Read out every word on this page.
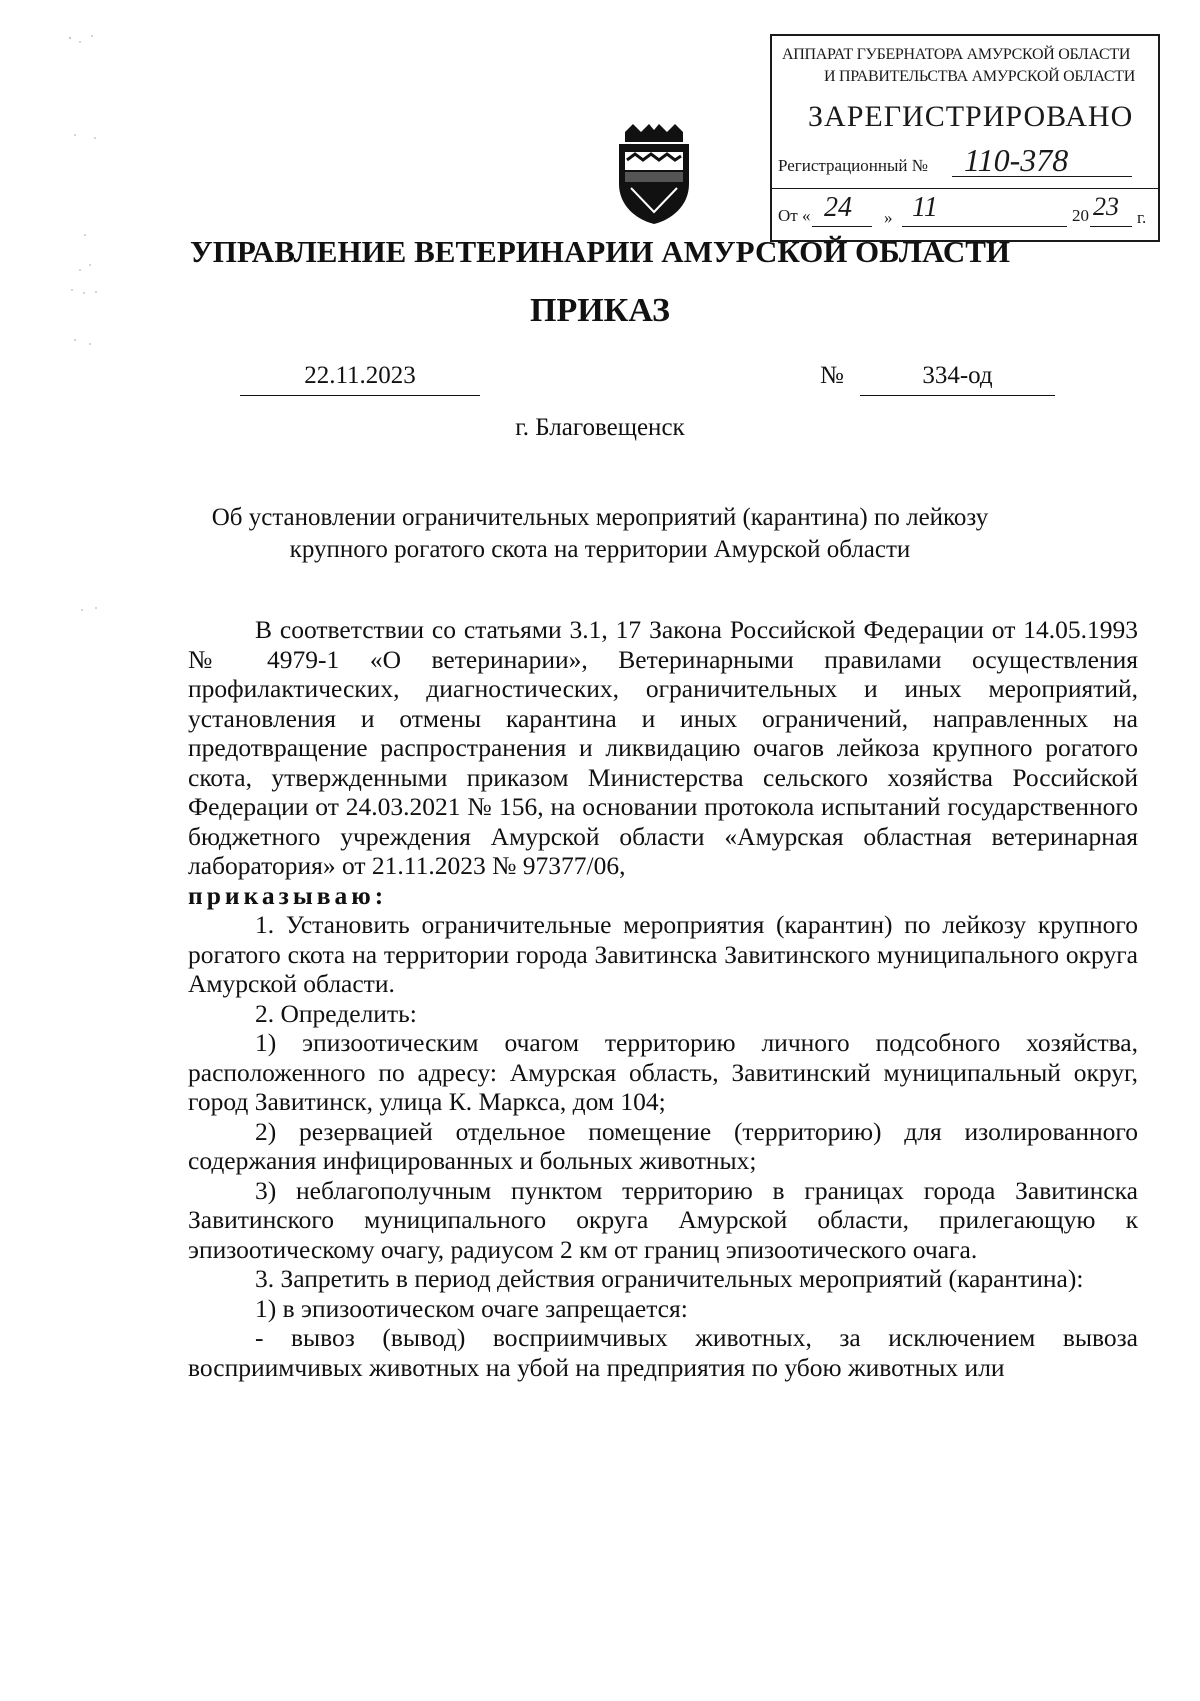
АППАРАТ ГУБЕРНАТОРА АМУРСКОЙ ОБЛАСТИ
И ПРАВИТЕЛЬСТВА АМУРСКОЙ ОБЛАСТИ
ЗАРЕГИСТРИРОВАНО
Регистрационный № 110-378
От « 24 » 11	20 23 г.
УПРАВЛЕНИЕ ВЕТЕРИНАРИИ АМУРСКОЙ ОБЛАСТИ
ПРИКАЗ
22.11.2023	№	334-од
г. Благовещенск
Об установлении ограничительных мероприятий (карантина) по лейкозу
крупного рогатого скота на территории Амурской области

В соответствии со статьями 3.1, 17 Закона Российской Федерации от 14.05.1993 № 4979-1 «О ветеринарии», Ветеринарными правилами осуществления профилактических, диагностических, ограничительных и иных мероприятий, установления и отмены карантина и иных ограничений, направленных на предотвращение распространения и ликвидацию очагов лейкоза крупного рогатого скота, утвержденными приказом Министерства сельского хозяйства Российской Федерации от 24.03.2021 № 156, на основании протокола испытаний государственного бюджетного учреждения Амурской области «Амурская областная ветеринарная лаборатория» от 21.11.2023 № 97377/06,

приказываю:

1. Установить ограничительные мероприятия (карантин) по лейкозу крупного рогатого скота на территории города Завитинска Завитинского муниципального округа Амурской области.

2. Определить:

1) эпизоотическим очагом территорию личного подсобного хозяйства, расположенного по адресу: Амурская область, Завитинский муниципальный округ, город Завитинск, улица К. Маркса, дом 104;

2) резервацией отдельное помещение (территорию) для изолированного содержания инфицированных и больных животных;

3) неблагополучным пунктом территорию в границах города Завитинска Завитинского муниципального округа Амурской области, прилегающую к эпизоотическому очагу, радиусом 2 км от границ эпизоотического очага.

3. Запретить в период действия ограничительных мероприятий (карантина):

1) в эпизоотическом очаге запрещается:

- вывоз (вывод) восприимчивых животных, за исключением вывоза восприимчивых животных на убой на предприятия по убою животных или
